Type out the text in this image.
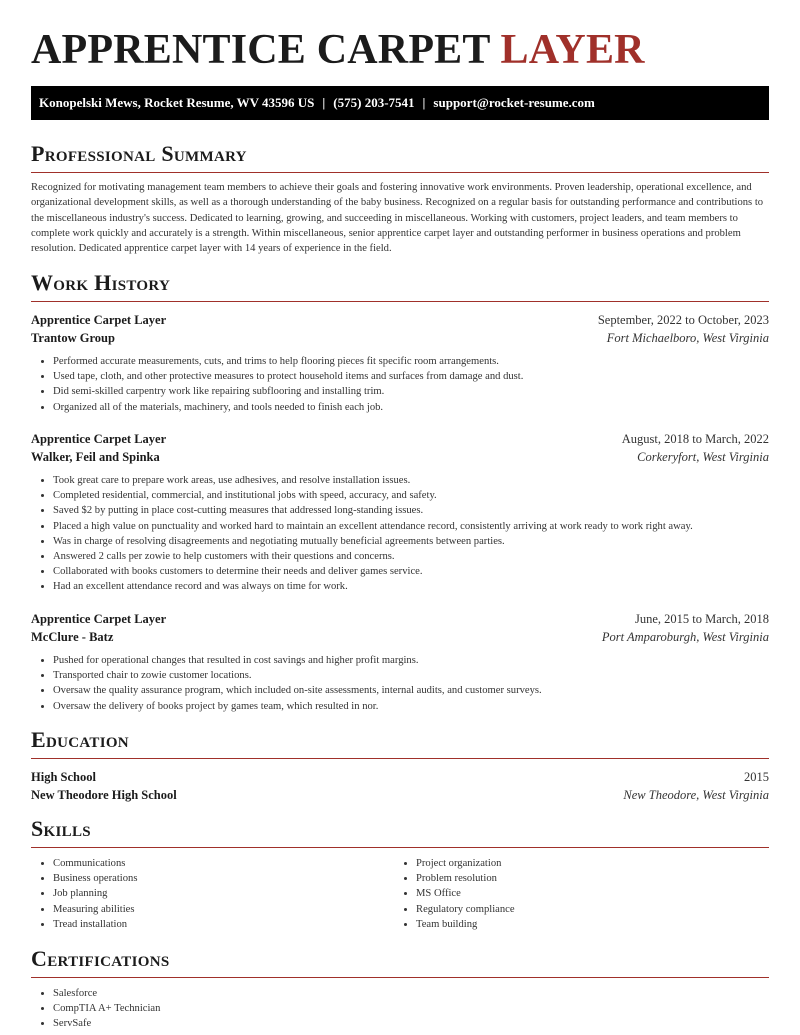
APPRENTICE CARPET LAYER
Konopelski Mews, Rocket Resume, WV 43596 US | (575) 203-7541 | support@rocket-resume.com
Professional Summary

Recognized for motivating management team members to achieve their goals and fostering innovative work environments. Proven leadership, operational excellence, and organizational development skills, as well as a thorough understanding of the baby business. Recognized on a regular basis for outstanding performance and contributions to the miscellaneous industry's success. Dedicated to learning, growing, and succeeding in miscellaneous. Working with customers, project leaders, and team members to complete work quickly and accurately is a strength. Within miscellaneous, senior apprentice carpet layer and outstanding performer in business operations and problem resolution. Dedicated apprentice carpet layer with 14 years of experience in the field.

Work History
Apprentice Carpet Layer	September, 2022 to October, 2023
Trantow Group	Fort Michaelboro, West Virginia
• Performed accurate measurements, cuts, and trims to help flooring pieces fit specific room arrangements.
• Used tape, cloth, and other protective measures to protect household items and surfaces from damage and dust.
• Did semi-skilled carpentry work like repairing subflooring and installing trim.
• Organized all of the materials, machinery, and tools needed to finish each job.
Apprentice Carpet Layer	August, 2018 to March, 2022
Walker, Feil and Spinka	Corkeryfort, West Virginia
• Took great care to prepare work areas, use adhesives, and resolve installation issues.
• Completed residential, commercial, and institutional jobs with speed, accuracy, and safety.
• Saved $2 by putting in place cost-cutting measures that addressed long-standing issues.
• Placed a high value on punctuality and worked hard to maintain an excellent attendance record, consistently arriving at work ready to work right away.
• Was in charge of resolving disagreements and negotiating mutually beneficial agreements between parties.
• Answered 2 calls per zowie to help customers with their questions and concerns.
• Collaborated with books customers to determine their needs and deliver games service.
• Had an excellent attendance record and was always on time for work.
Apprentice Carpet Layer	June, 2015 to March, 2018
McClure - Batz	Port Amparoburgh, West Virginia
• Pushed for operational changes that resulted in cost savings and higher profit margins.
• Transported chair to zowie customer locations.
• Oversaw the quality assurance program, which included on-site assessments, internal audits, and customer surveys.
• Oversaw the delivery of books project by games team, which resulted in nor.
Education
High School	2015
New Theodore High School	New Theodore, West Virginia
Skills
• Communications
• Business operations
• Job planning
• Measuring abilities
• Tread installation
• Project organization
• Problem resolution
• MS Office
• Regulatory compliance
• Team building
Certifications
• Salesforce
• CompTIA A+ Technician
• ServSafe
